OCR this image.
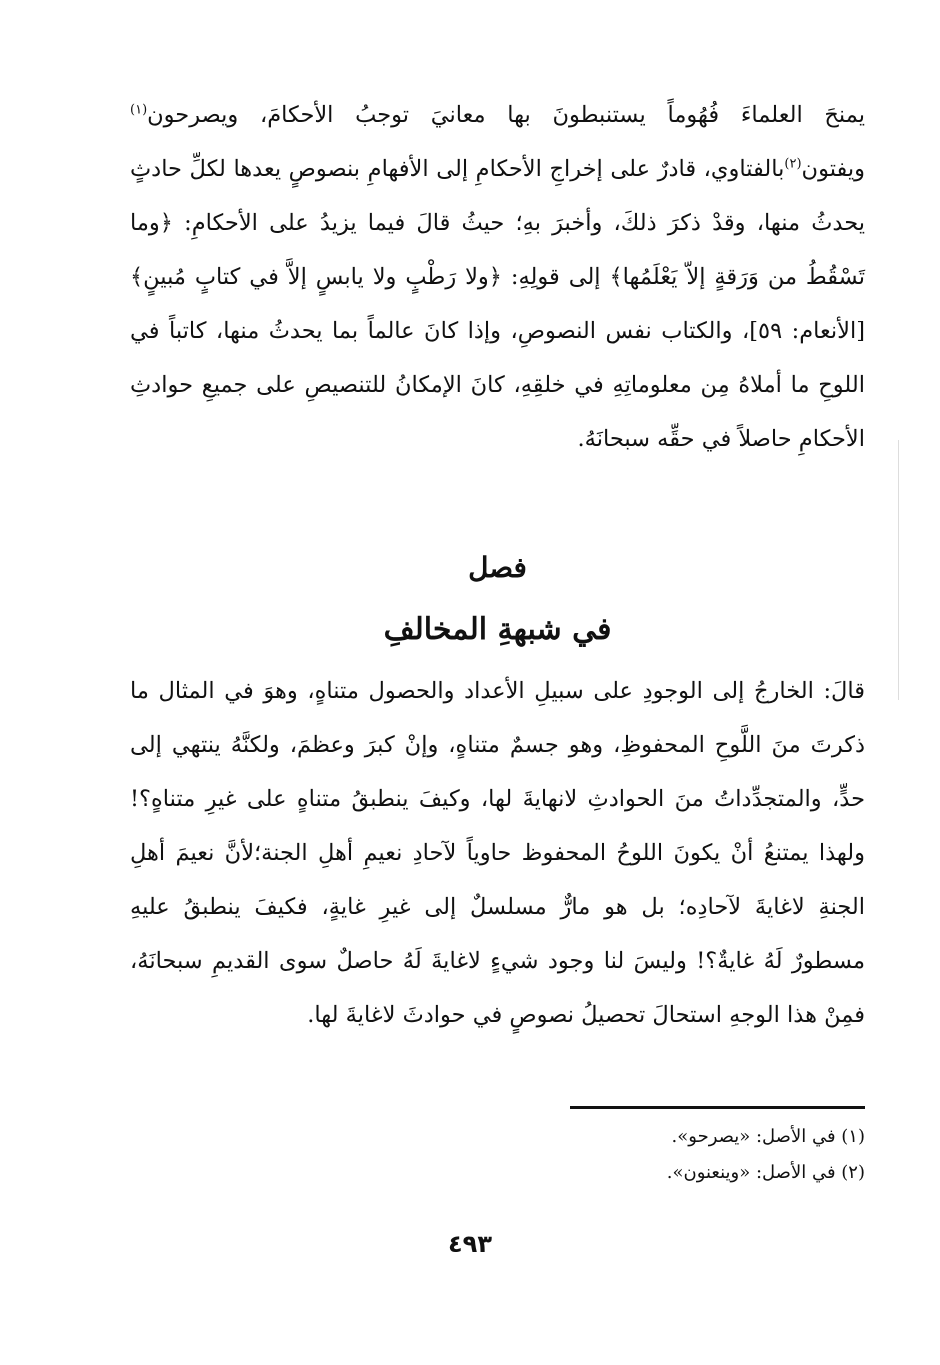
يمنحَ العلماءَ فُهُوماً يستنبطونَ بها معانيَ توجبُ الأحكامَ، ويصرحون$^{(١)}$ ويفتون$^{(٢)}$بالفتاوي، قادرٌ على إخراجِ الأحكامِ إلى الأفهامِ بنصوصٍ يعدها لكلِّ حادثٍ يحدثُ منها، وقدْ ذكرَ ذلكَ، وأخبرَ بهِ؛ حيثُ قالَ فيما يزيدُ على الأحكامِ: ﴿وما تَسْقُطُ من وَرَقةٍ إلاّ يَعْلَمُها﴾ إلى قولِهِ: ﴿ولا رَطْبٍ ولا يابسٍ إلاَّ في كتابٍ مُبينٍ﴾ [الأنعام: ٥٩]، والكتاب نفس النصوصِ، وإذا كانَ عالماً بما يحدثُ منها، كاتباً في اللوحِ ما أملاهُ مِن معلوماتِهِ في خلقِهِ، كانَ الإمكانُ للتنصيصِ على جميعِ حوادثِ الأحكامِ حاصلاً في حقِّه سبحانَهُ.

فصل
في شبهةِ المخالفِ

قالَ: الخارجُ إلى الوجودِ على سبيلِ الأعداد والحصول متناهٍ، وهوَ في المثال ما ذكرتَ منَ اللَّوحِ المحفوظِ، وهو جسمٌ متناهٍ، وإنْ كبرَ وعظمَ، ولكنَّهُ ينتهي إلى حدٍّ، والمتجدِّداتُ منَ الحوادثِ لانهايةَ لها، وكيفَ ينطبقُ متناهٍ على غيرِ متناهٍ؟! ولهذا يمتنعُ أنْ يكونَ اللوحُ المحفوظ حاوياً لآحادِ نعيمِ أهلِ الجنة؛لأنَّ نعيمَ أهلِ الجنةِ لاغايةَ لآحادِه؛ بل هو مارٌّ مسلسلٌ إلى غيرِ غايةٍ، فكيفَ ينطبقُ عليهِ مسطورٌ لَهُ غايةٌ؟! وليسَ لنا وجود شيءٍ لاغايةَ لَهُ حاصلٌ سوى القديمِ سبحانَهُ، فمِنْ هذا الوجهِ استحالَ تحصيلُ نصوصٍ في حوادثَ لاغايةَ لها.

(١) في الأصل: «يصرحو».

(٢) في الأصل: «وينعنون».

٤٩٣
